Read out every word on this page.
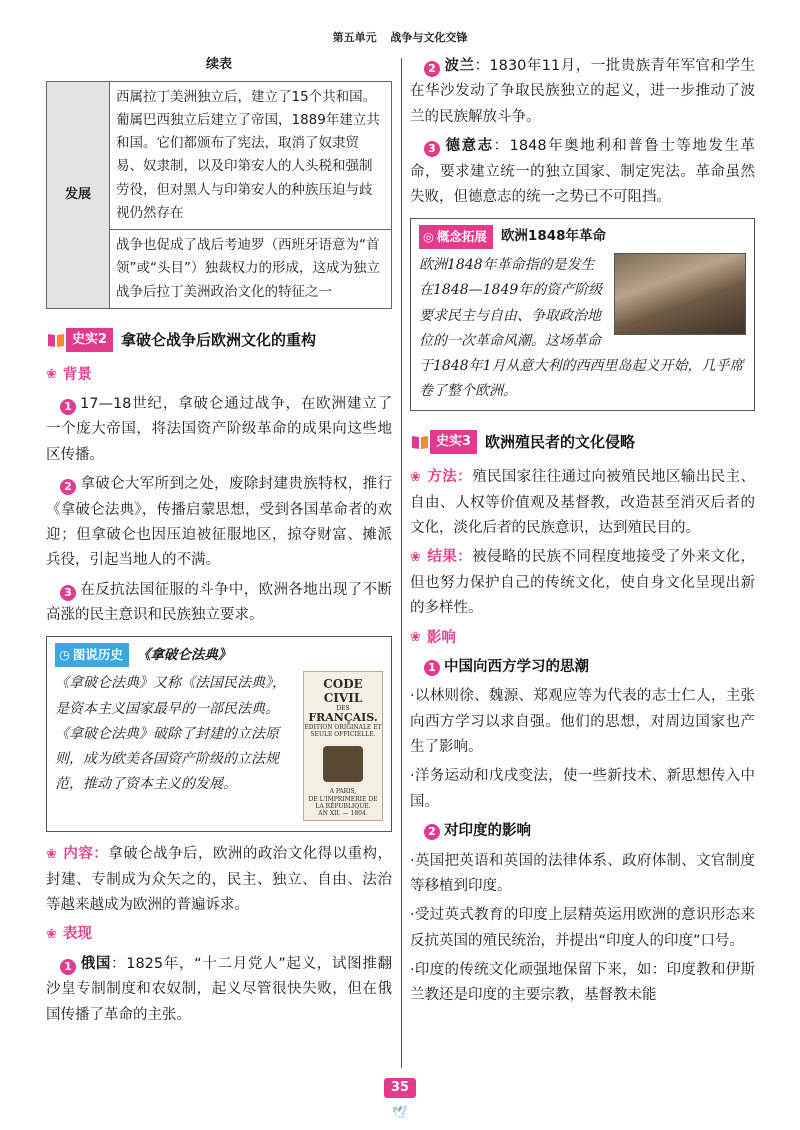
第五单元 战争与文化交锋
续表
发展	西属拉丁美洲独立后，建立了15个共和国。葡属巴西独立后建立了帝国，1889年建立共和国。它们都颁布了宪法，取消了奴隶贸易、奴隶制，以及印第安人的人头税和强制劳役，但对黑人与印第安人的种族压迫与歧视仍然存在
战争也促成了战后考迪罗（西班牙语意为“首领”或“头目”）独裁权力的形成，这成为独立战争后拉丁美洲政治文化的特征之一
史实2 拿破仑战争后欧洲文化的重构
❀ 背景

1 17—18世纪，拿破仑通过战争，在欧洲建立了一个庞大帝国，将法国资产阶级革命的成果向这些地区传播。

2 拿破仑大军所到之处，废除封建贵族特权，推行《拿破仑法典》，传播启蒙思想，受到各国革命者的欢迎；但拿破仑也因压迫被征服地区，掠夺财富、摊派兵役，引起当地人的不满。

3 在反抗法国征服的斗争中，欧洲各地出现了不断高涨的民主意识和民族独立要求。

◷ 图说历史 《拿破仑法典》
CODE CIVIL
DES
FRANÇAIS.
ÉDITION ORIGINALE ET SEULE OFFICIELLE.
A PARIS,
DE L'IMPRIMERIE DE LA RÉPUBLIQUE.
AN XII. — 1804.
《拿破仑法典》又称《法国民法典》，是资本主义国家最早的一部民法典。《拿破仑法典》破除了封建的立法原则，成为欧美各国资产阶级的立法规范，推动了资本主义的发展。

❀ 内容：拿破仑战争后，欧洲的政治文化得以重构，封建、专制成为众矢之的，民主、独立、自由、法治等越来越成为欧洲的普遍诉求。

❀ 表现

1 俄国：1825年，“十二月党人”起义，试图推翻沙皇专制制度和农奴制，起义尽管很快失败，但在俄国传播了革命的主张。

2 波兰：1830年11月，一批贵族青年军官和学生在华沙发动了争取民族独立的起义，进一步推动了波兰的民族解放斗争。

3 德意志：1848年奥地利和普鲁士等地发生革命，要求建立统一的独立国家、制定宪法。革命虽然失败，但德意志的统一之势已不可阻挡。

◎ 概念拓展 欧洲1848年革命
欧洲1848年革命指的是发生在1848—1849年的资产阶级要求民主与自由、争取政治地位的一次革命风潮。这场革命于1848年1月从意大利的西西里岛起义开始，几乎席卷了整个欧洲。
史实3 欧洲殖民者的文化侵略

❀ 方法：殖民国家往往通过向被殖民地区输出民主、自由、人权等价值观及基督教，改造甚至消灭后者的文化，淡化后者的民族意识，达到殖民目的。

❀ 结果：被侵略的民族不同程度地接受了外来文化，但也努力保护自己的传统文化，使自身文化呈现出新的多样性。

❀ 影响
1 中国向西方学习的思潮

·以林则徐、魏源、郑观应等为代表的志士仁人，主张向西方学习以求自强。他们的思想，对周边国家也产生了影响。

·洋务运动和戊戌变法，使一些新技术、新思想传入中国。

2 对印度的影响

·英国把英语和英国的法律体系、政府体制、文官制度等移植到印度。

·受过英式教育的印度上层精英运用欧洲的意识形态来反抗英国的殖民统治，并提出“印度人的印度”口号。

·印度的传统文化顽强地保留下来，如：印度教和伊斯兰教还是印度的主要宗教，基督教未能

35
🕊
